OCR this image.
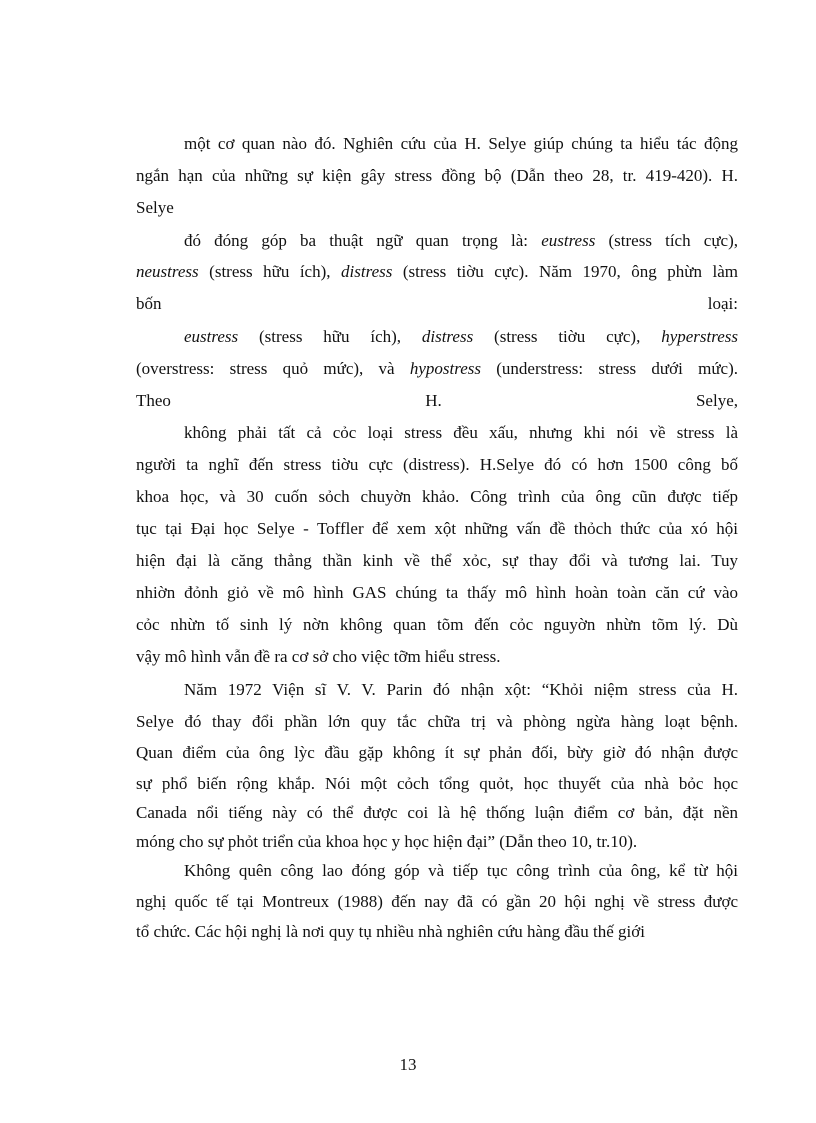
một cơ quan nào đó. Nghiên cứu của H. Selye giúp chúng ta hiểu tác động
ngắn hạn của những sự kiện gây stress đồng bộ (Dẫn theo 28, tr. 419-420). H.
Selye
đó đóng góp ba thuật ngữ quan trọng là: eustress (stress tích cực),
neustress (stress hữu ích), distress (stress tiờu cực). Năm 1970, ông phừn làm
bốn	loại:
eustress (stress hữu ích), distress (stress tiờu cực), hyperstress
(overstress: stress quỏ mức), và hypostress (understress: stress dưới mức).
Theo	H.	Selye,
không phải tất cả cỏc loại stress đều xấu, nhưng khi nói về stress là
người ta nghĩ đến stress tiờu cực (distress). H.Selye đó có hơn 1500 công bố
khoa học, và 30 cuốn sỏch chuyờn khảo. Công trình của ông cũn được tiếp
tục tại Đại học Selye - Toffler để xem xột những vấn đề thỏch thức của xó hội
hiện đại là căng thẳng thần kinh về thể xỏc, sự thay đổi và tương lai. Tuy
nhiờn đỏnh giỏ về mô hình GAS chúng ta thấy mô hình hoàn toàn căn cứ vào
cỏc nhừn tố sinh lý nờn không quan tõm đến cỏc nguyờn nhừn tõm lý. Dù
vậy mô hình vẫn đề ra cơ sở cho việc tỡm hiểu stress.
Năm 1972 Viện sĩ V. V. Parin đó nhận xột: “Khỏi niệm stress của H.
Selye đó thay đổi phần lớn quy tắc chữa trị và phòng ngừa hàng loạt bệnh.
Quan điểm của ông lỳc đầu gặp không ít sự phản đối, bừy giờ đó nhận được
sự phổ biến rộng khắp. Nói một cỏch tổng quỏt, học thuyết của nhà bỏc học
Canada nổi tiếng này có thể được coi là hệ thống luận điểm cơ bản, đặt nền
móng cho sự phỏt triển của khoa học y học hiện đại” (Dẫn theo 10, tr.10).
Không quên công lao đóng góp và tiếp tục công trình của ông, kể từ hội
nghị quốc tế tại Montreux (1988) đến nay đã có gần 20 hội nghị về stress được
tổ chức. Các hội nghị là nơi quy tụ nhiều nhà nghiên cứu hàng đầu thế giới
13
